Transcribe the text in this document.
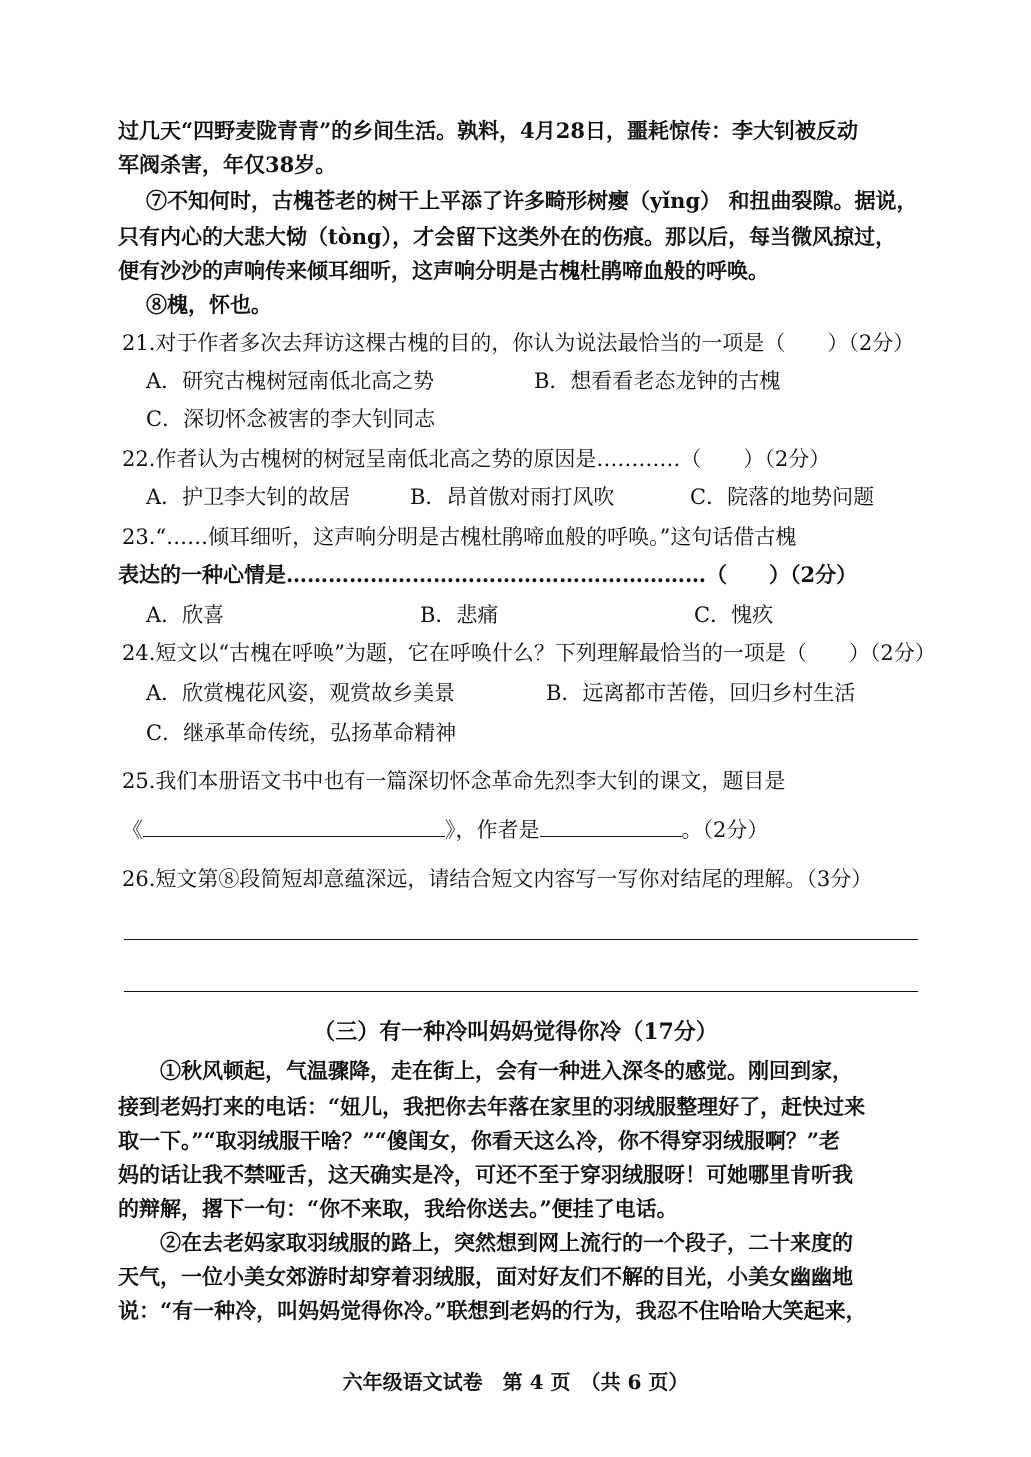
过几天“四野麦陇青青”的乡间生活。孰料，4月28日，噩耗惊传：李大钊被反动
军阀杀害，年仅38岁。
⑦不知何时，古槐苍老的树干上平添了许多畸形树瘿（yǐng） 和扭曲裂隙。据说，
只有内心的大悲大恸（tòng），才会留下这类外在的伤痕。那以后，每当微风掠过，
便有沙沙的声响传来倾耳细听，这声响分明是古槐杜鹃啼血般的呼唤。
⑧槐，怀也。
21.对于作者多次去拜访这棵古槐的目的，你认为说法最恰当的一项是（　　）（2分）
A．研究古槐树冠南低北高之势	B．想看看老态龙钟的古槐
C．深切怀念被害的李大钊同志
22.作者认为古槐树的树冠呈南低北高之势的原因是…………（　　）（2分）
A．护卫李大钊的故居	B．昂首傲对雨打风吹	C．院落的地势问题
23.“……倾耳细听，这声响分明是古槐杜鹃啼血般的呼唤。”这句话借古槐
表达的一种心情是……………………………………………………（　　）（2分）
A．欣喜	B．悲痛	C．愧疚
24.短文以“古槐在呼唤”为题，它在呼唤什么？下列理解最恰当的一项是（　　）（2分）
A．欣赏槐花风姿，观赏故乡美景	B．远离都市苦倦，回归乡村生活
C．继承革命传统，弘扬革命精神
25.我们本册语文书中也有一篇深切怀念革命先烈李大钊的课文，题目是
《	》，作者是	。（2分）
26.短文第⑧段简短却意蕴深远，请结合短文内容写一写你对结尾的理解。（3分）
（三）有一种冷叫妈妈觉得你冷（17分）
①秋风顿起，气温骤降，走在街上，会有一种进入深冬的感觉。刚回到家，
接到老妈打来的电话：“妞儿，我把你去年落在家里的羽绒服整理好了，赶快过来
取一下。”“取羽绒服干啥？”“傻闺女，你看天这么冷，你不得穿羽绒服啊？”老
妈的话让我不禁哑舌，这天确实是冷，可还不至于穿羽绒服呀！可她哪里肯听我
的辩解，撂下一句：“你不来取，我给你送去。”便挂了电话。
②在去老妈家取羽绒服的路上，突然想到网上流行的一个段子，二十来度的
天气，一位小美女郊游时却穿着羽绒服，面对好友们不解的目光，小美女幽幽地
说：“有一种冷，叫妈妈觉得你冷。”联想到老妈的行为，我忍不住哈哈大笑起来，
六年级语文试卷　第 4 页　（共 6 页）
